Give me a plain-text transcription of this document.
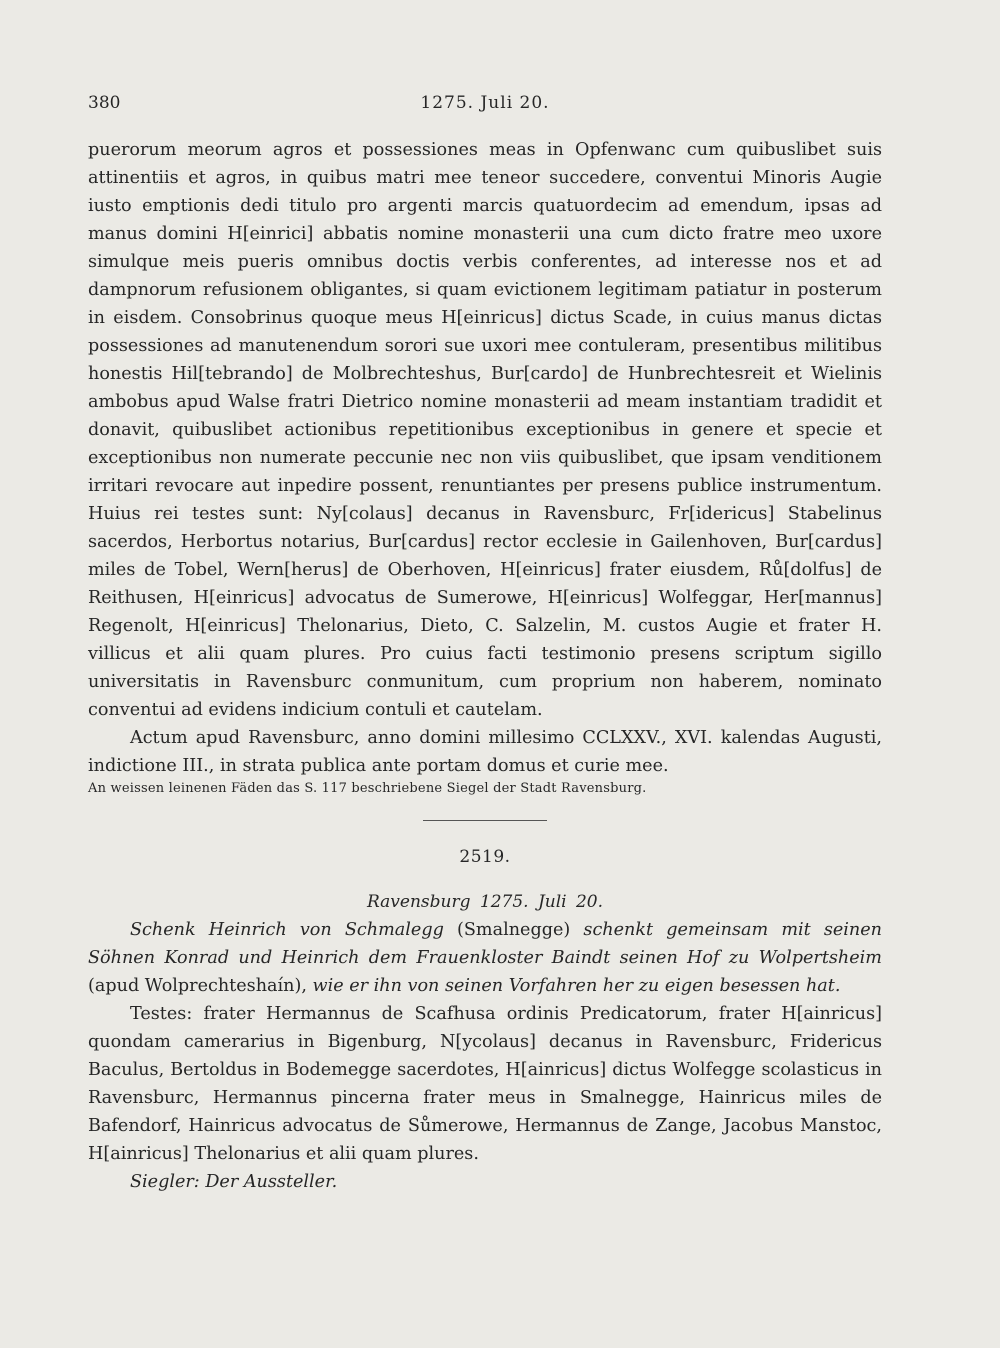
380	1275. Juli 20.

puerorum meorum agros et possessiones meas in Opfenwanc cum quibuslibet suis attinentiis et agros, in quibus matri mee teneor succedere, conventui Minoris Augie iusto emptionis dedi titulo pro argenti marcis quatuordecim ad emendum, ipsas ad manus domini H[einrici] abbatis nomine monasterii una cum dicto fratre meo uxore simulque meis pueris omnibus doctis verbis conferentes, ad interesse nos et ad dampnorum refusionem obligantes, si quam evictionem legitimam patiatur in posterum in eisdem. Consobrinus quoque meus H[einricus] dictus Scade, in cuius manus dictas possessiones ad manutenendum sorori sue uxori mee contuleram, presentibus militibus honestis Hil[tebrando] de Molbrechteshus, Bur[cardo] de Hunbrechtesreit et Wielinis ambobus apud Walse fratri Dietrico nomine monasterii ad meam instantiam tradidit et donavit, quibuslibet actionibus repetitionibus exceptionibus in genere et specie et exceptionibus non numerate peccunie nec non viis quibuslibet, que ipsam venditionem irritari revocare aut inpedire possent, renuntiantes per presens publice instrumentum. Huius rei testes sunt: Ny[colaus] decanus in Ravensburc, Fr[idericus] Stabelinus sacerdos, Herbortus notarius, Bur[cardus] rector ecclesie in Gailenhoven, Bur[cardus] miles de Tobel, Wern[herus] de Oberhoven, H[einricus] frater eiusdem, Rů[dolfus] de Reithusen, H[einricus] advocatus de Sumerowe, H[einricus] Wolfeggar, Her[mannus] Regenolt, H[einricus] Thelonarius, Dieto, C. Salzelin, M. custos Augie et frater H. villicus et alii quam plures. Pro cuius facti testimonio presens scriptum sigillo universitatis in Ravensburc conmunitum, cum proprium non haberem, nominato conventui ad evidens indicium contuli et cautelam.

Actum apud Ravensburc, anno domini millesimo CCLXXV., XVI. kalendas Augusti, indictione III., in strata publica ante portam domus et curie mee.

An weissen leinenen Fäden das S. 117 beschriebene Siegel der Stadt Ravensburg.

2519.
Ravensburg 1275. Juli 20.

Schenk Heinrich von Schmalegg (Smalnegge) schenkt gemeinsam mit seinen Söhnen Konrad und Heinrich dem Frauenkloster Baindt seinen Hof zu Wolpertsheim (apud Wolprechteshaín), wie er ihn von seinen Vorfahren her zu eigen besessen hat.

Testes: frater Hermannus de Scafhusa ordinis Predicatorum, frater H[ainricus] quondam camerarius in Bigenburg, N[ycolaus] decanus in Ravensburc, Fridericus Baculus, Bertoldus in Bodemegge sacerdotes, H[ainricus] dictus Wolfegge scolasticus in Ravensburc, Hermannus pincerna frater meus in Smalnegge, Hainricus miles de Bafendorf, Hainricus advocatus de Sůmerowe, Hermannus de Zange, Jacobus Manstoc, H[ainricus] Thelonarius et alii quam plures.

Siegler: Der Aussteller.
